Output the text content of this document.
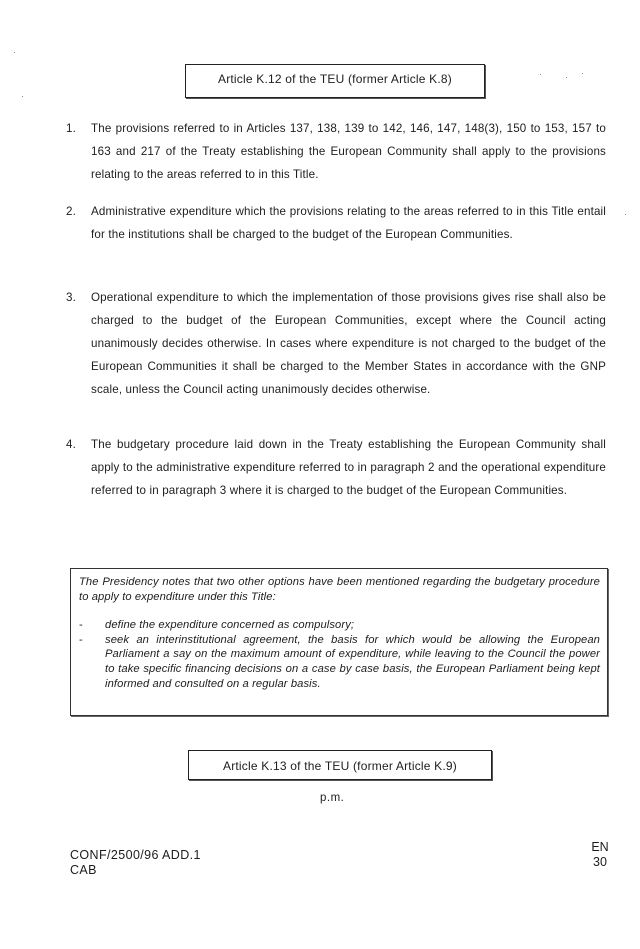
Article K.12 of the TEU (former Article K.8)
1.	The provisions referred to in Articles 137, 138, 139 to 142, 146, 147, 148(3), 150 to 153, 157 to 163 and 217 of the Treaty establishing the European Community shall apply to the provisions relating to the areas referred to in this Title.
2.	Administrative expenditure which the provisions relating to the areas referred to in this Title entail for the institutions shall be charged to the budget of the European Communities.
3.	Operational expenditure to which the implementation of those provisions gives rise shall also be charged to the budget of the European Communities, except where the Council acting unanimously decides otherwise. In cases where expenditure is not charged to the budget of the European Communities it shall be charged to the Member States in accordance with the GNP scale, unless the Council acting unanimously decides otherwise.
4.	The budgetary procedure laid down in the Treaty establishing the European Community shall apply to the administrative expenditure referred to in paragraph 2 and the operational expenditure referred to in paragraph 3 where it is charged to the budget of the European Communities.
The Presidency notes that two other options have been mentioned regarding the budgetary procedure to apply to expenditure under this Title:
- define the expenditure concerned as compulsory;
- seek an interinstitutional agreement, the basis for which would be allowing the European Parliament a say on the maximum amount of expenditure, while leaving to the Council the power to take specific financing decisions on a case by case basis, the European Parliament being kept informed and consulted on a regular basis.
Article K.13 of the TEU (former Article K.9)
p.m.
CONF/2500/96 ADD.1
CAB
EN
30
